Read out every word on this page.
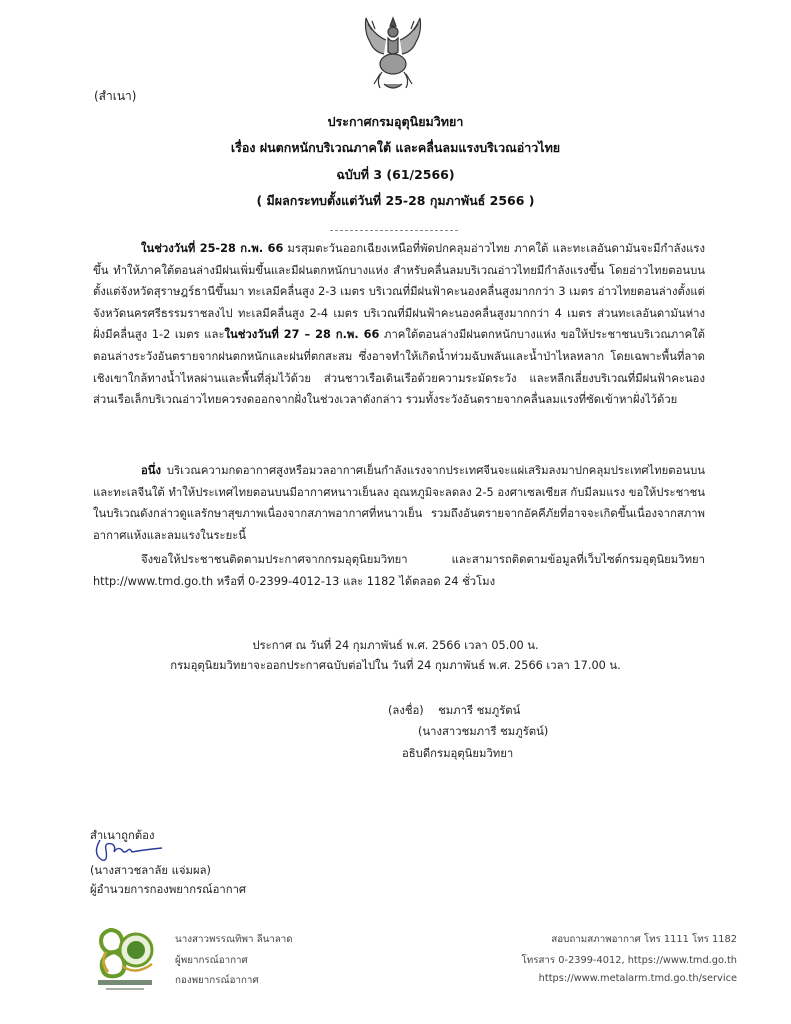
(สำเนา)
ประกาศกรมอุตุนิยมวิทยา
เรื่อง ฝนตกหนักบริเวณภาคใต้ และคลื่นลมแรงบริเวณอ่าวไทย
ฉบับที่ 3 (61/2566)
( มีผลกระทบตั้งแต่วันที่ 25-28 กุมภาพันธ์ 2566 )
ในช่วงวันที่ 25-28 ก.พ. 66 มรสุมตะวันออกเฉียงเหนือที่พัดปกคลุมอ่าวไทย ภาคใต้ และทะเลอันดามันจะมีกำลังแรงขึ้น ทำให้ภาคใต้ตอนล่างมีฝนเพิ่มขึ้นและมีฝนตกหนักบางแห่ง สำหรับคลื่นลมบริเวณอ่าวไทยมีกำลังแรงขึ้น โดยอ่าวไทยตอนบนตั้งแต่จังหวัดสุราษฎร์ธานีขึ้นมา ทะเลมีคลื่นสูง 2-3 เมตร บริเวณที่มีฝนฟ้าคะนองคลื่นสูงมากกว่า 3 เมตร อ่าวไทยตอนล่างตั้งแต่จังหวัดนครศรีธรรมราชลงไป ทะเลมีคลื่นสูง 2-4 เมตร บริเวณที่มีฝนฟ้าคะนองคลื่นสูงมากกว่า 4 เมตร ส่วนทะเลอันดามันห่างฝั่งมีคลื่นสูง 1-2 เมตร และในช่วงวันที่ 27 – 28 ก.พ. 66 ภาคใต้ตอนล่างมีฝนตกหนักบางแห่ง ขอให้ประชาชนบริเวณภาคใต้ตอนล่างระวังอันตรายจากฝนตกหนักและฝนที่ตกสะสม ซึ่งอาจทำให้เกิดน้ำท่วมฉับพลันและน้ำป่าไหลหลาก โดยเฉพาะพื้นที่ลาดเชิงเขาใกล้ทางน้ำไหลผ่านและพื้นที่ลุ่มไว้ด้วย ส่วนชาวเรือเดินเรือด้วยความระมัดระวัง และหลีกเลี่ยงบริเวณที่มีฝนฟ้าคะนอง ส่วนเรือเล็กบริเวณอ่าวไทยควรงดออกจากฝั่งในช่วงเวลาดังกล่าว รวมทั้งระวังอันตรายจากคลื่นลมแรงที่ซัดเข้าหาฝั่งไว้ด้วย
อนึ่ง บริเวณความกดอากาศสูงหรือมวลอากาศเย็นกำลังแรงจากประเทศจีนจะแผ่เสริมลงมาปกคลุมประเทศไทยตอนบนและทะเลจีนใต้ ทำให้ประเทศไทยตอนบนมีอากาศหนาวเย็นลง อุณหภูมิจะลดลง 2-5 องศาเซลเซียส กับมีลมแรง ขอให้ประชาชนในบริเวณดังกล่าวดูแลรักษาสุขภาพเนื่องจากสภาพอากาศที่หนาวเย็น รวมถึงอันตรายจากอัคคีภัยที่อาจจะเกิดขึ้นเนื่องจากสภาพอากาศแห้งและลมแรงในระยะนี้
จึงขอให้ประชาชนติดตามประกาศจากกรมอุตุนิยมวิทยา และสามารถติดตามข้อมูลที่เว็บไซต์กรมอุตุนิยมวิทยา http://www.tmd.go.th หรือที่ 0-2399-4012-13 และ 1182 ได้ตลอด 24 ชั่วโมง
ประกาศ ณ วันที่ 24 กุมภาพันธ์ พ.ศ. 2566 เวลา 05.00 น.
กรมอุตุนิยมวิทยาจะออกประกาศฉบับต่อไปใน วันที่ 24 กุมภาพันธ์ พ.ศ. 2566 เวลา 17.00 น.
(ลงชื่อ)    ชมภารี ชมภูรัตน์
(นางสาวชมภารี ชมภูรัตน์)
อธิบดีกรมอุตุนิยมวิทยา
สำเนาถูกต้อง
(นางสาวชลาลัย แจ่มผล)
ผู้อำนวยการกองพยากรณ์อากาศ
นางสาวพรรณทิพา ลีนาลาด
ผู้พยากรณ์อากาศ
กองพยากรณ์อากาศ
สอบถามสภาพอากาศ โทร 1111 โทร 1182
โทรสาร 0-2399-4012, https://www.tmd.go.th
https://www.metalarm.tmd.go.th/service
